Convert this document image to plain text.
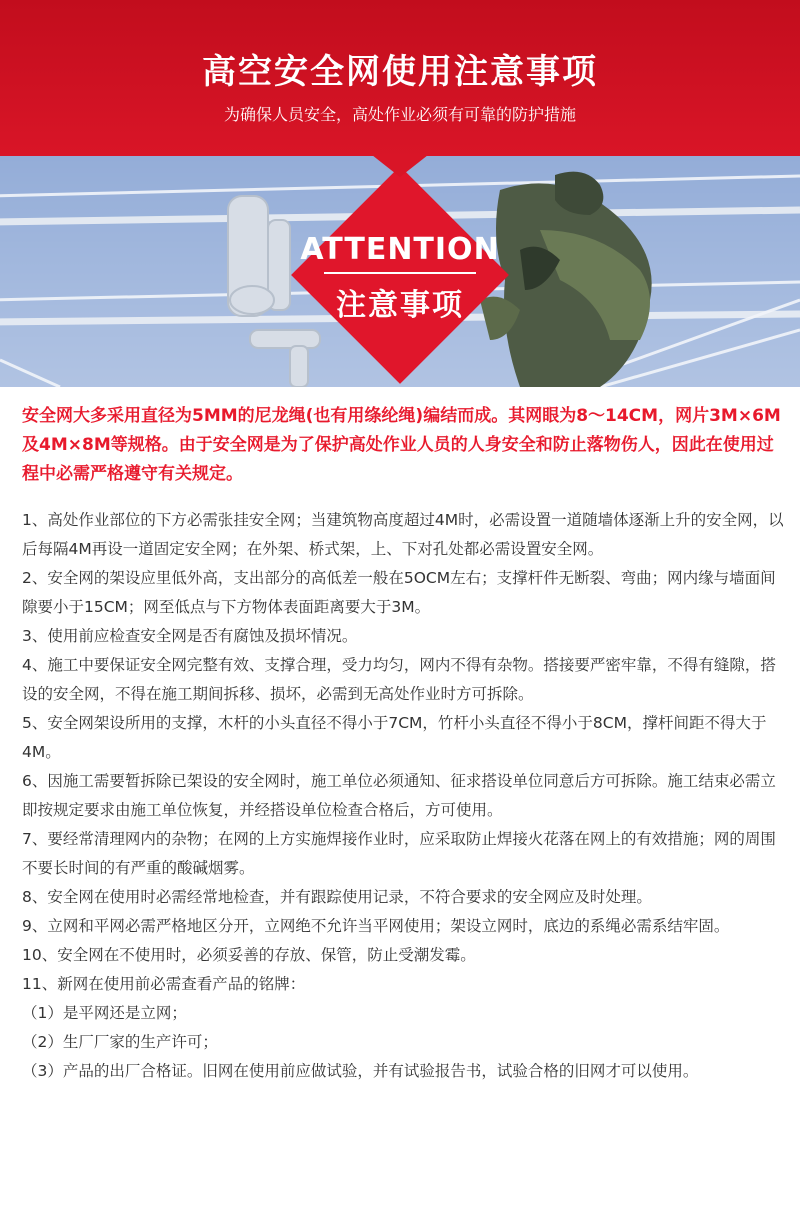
高空安全网使用注意事项
为确保人员安全，高处作业必须有可靠的防护措施
ATTENTION
注意事项
安全网大多采用直径为5MM的尼龙绳(也有用绦纶绳)编结而成。其网眼为8～14CM，网片3M×6M及4M×8M等规格。由于安全网是为了保护高处作业人员的人身安全和防止落物伤人，因此在使用过程中必需严格遵守有关规定。
1、高处作业部位的下方必需张挂安全网；当建筑物高度超过4M时，必需设置一道随墙体逐渐上升的安全网，以后每隔4M再设一道固定安全网；在外架、桥式架，上、下对孔处都必需设置安全网。
2、安全网的架设应里低外高，支出部分的高低差一般在5OCM左右；支撑杆件无断裂、弯曲；网内缘与墙面间隙要小于15CM；网至低点与下方物体表面距离要大于3M。
3、使用前应检查安全网是否有腐蚀及损坏情况。
4、施工中要保证安全网完整有效、支撑合理，受力均匀，网内不得有杂物。搭接要严密牢靠，不得有缝隙，搭设的安全网，不得在施工期间拆移、损坏，必需到无高处作业时方可拆除。
5、安全网架设所用的支撑，木杆的小头直径不得小于7CM，竹杆小头直径不得小于8CM，撑杆间距不得大于4M。
6、因施工需要暂拆除已架设的安全网时，施工单位必须通知、征求搭设单位同意后方可拆除。施工结束必需立即按规定要求由施工单位恢复，并经搭设单位检查合格后，方可使用。
7、要经常清理网内的杂物；在网的上方实施焊接作业时，应采取防止焊接火花落在网上的有效措施；网的周围不要长时间的有严重的酸碱烟雾。
8、安全网在使用时必需经常地检查，并有跟踪使用记录，不符合要求的安全网应及时处理。
9、立网和平网必需严格地区分开，立网绝不允许当平网使用；架设立网时，底边的系绳必需系结牢固。
10、安全网在不使用时，必须妥善的存放、保管，防止受潮发霉。
11、新网在使用前必需查看产品的铭牌：
（1）是平网还是立网；
（2）生厂厂家的生产许可；
（3）产品的出厂合格证。旧网在使用前应做试验，并有试验报告书，试验合格的旧网才可以使用。
